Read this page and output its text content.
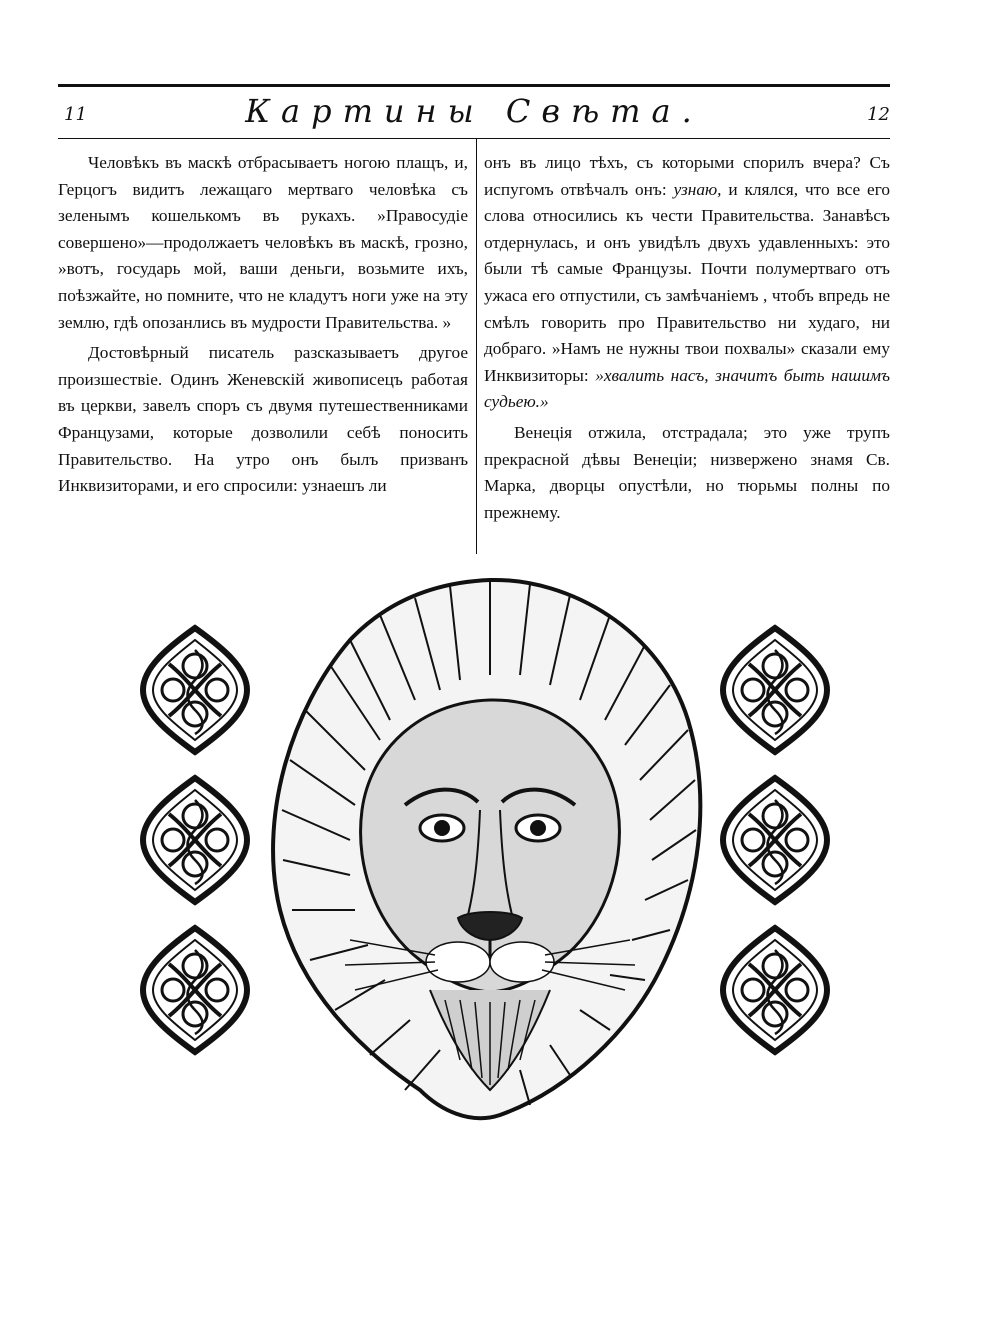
11	Картины Свѣта.	12

Человѣкъ въ маскѣ отбрасываетъ ногою плащъ, и, Герцогъ видитъ лежащаго мертваго человѣка съ зеленымъ кошелькомъ въ рукахъ. »Правосудіе совершено»—продолжаетъ человѣкъ въ маскѣ, грозно, »вотъ, государь мой, ваши деньги, возьмите ихъ, поѣзжайте, но помните, что не кладутъ ноги уже на эту землю, гдѣ опозанлись въ мудрости Правительства. »

Достовѣрный писатель разсказываетъ другое произшествіе. Одинъ Женевскій живописецъ работая въ церкви, завелъ споръ съ двумя путешественниками Французами, которые дозволили себѣ поносить Правительство. На утро онъ былъ призванъ Инквизиторами, и его спросили: узнаешъ ли

онъ въ лицо тѣхъ, съ которыми спорилъ вчера? Съ испугомъ отвѣчалъ онъ: узнаю, и клялся, что все его слова относились къ чести Правительства. Занавѣсъ отдернулась, и онъ увидѣлъ двухъ удавленныхъ: это были тѣ самые Французы. Почти полумертваго отъ ужаса его отпустили, съ замѣчаніемъ , чтобъ впредь не смѣлъ говорить про Правительство ни худаго, ни добраго. »Намъ не нужны твои похвалы» сказали ему Инквизиторы: »хвалить насъ, значитъ быть нашимъ судьею.»

Венеція отжила, отстрадала; это уже трупъ прекрасной дѣвы Венеціи; низвержено знамя Св. Марка, дворцы опустѣли, но тюрьмы полны по прежнему.
